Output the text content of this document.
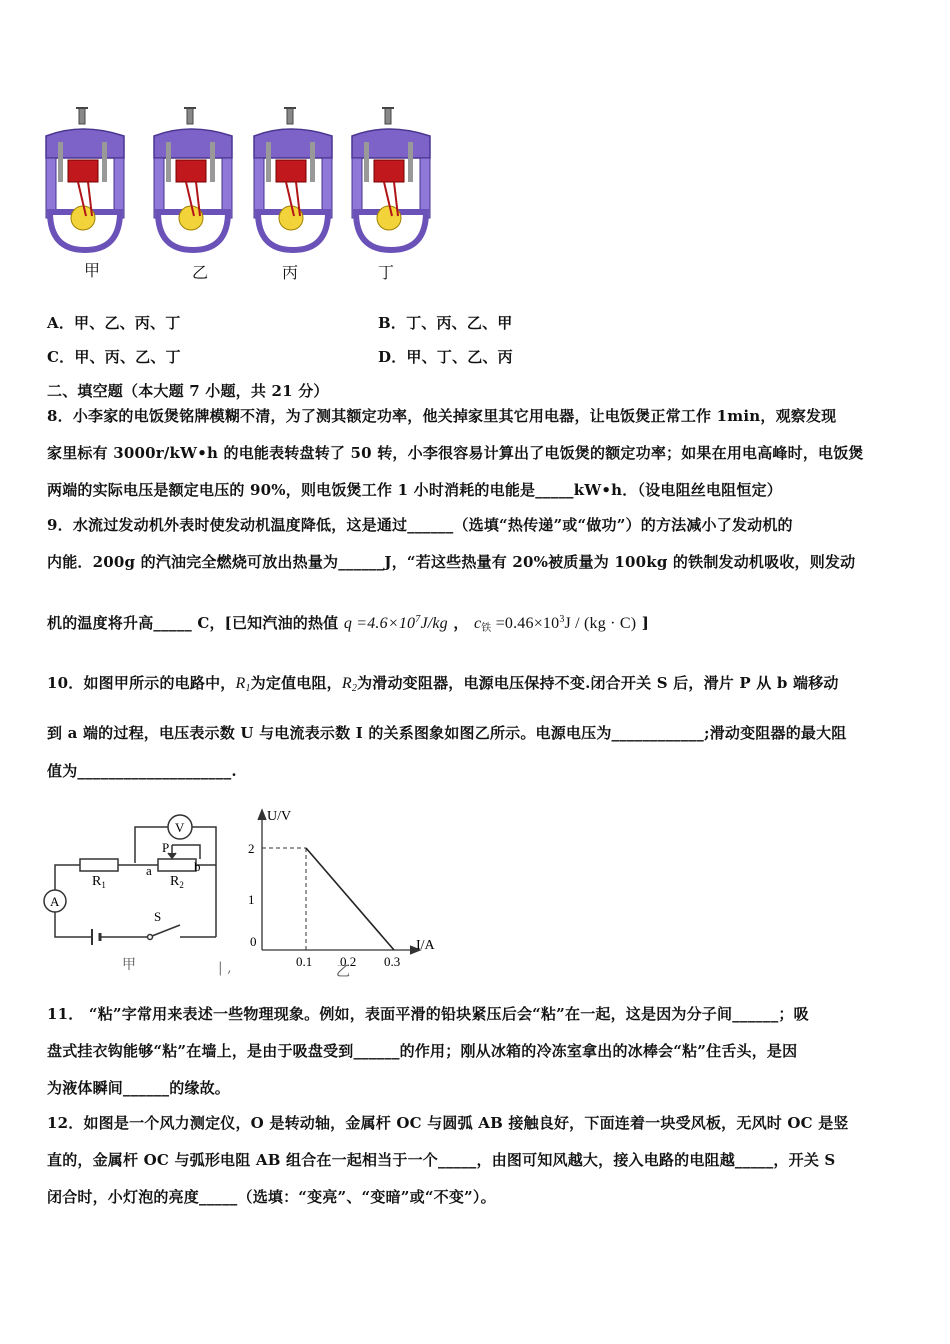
甲	乙	丙	丁
A．甲、乙、丙、丁	B．丁、丙、乙、甲
C．甲、丙、乙、丁	D．甲、丁、乙、丙
二、填空题（本大题 7 小题，共 21 分）
8．小李家的电饭煲铭牌模糊不清，为了测其额定功率，他关掉家里其它用电器，让电饭煲正常工作 1min，观察发现
家里标有 3000r/kW•h 的电能表转盘转了 50 转，小李很容易计算出了电饭煲的额定功率；如果在用电高峰时，电饭煲
两端的实际电压是额定电压的 90%，则电饭煲工作 1 小时消耗的电能是_____kW•h．（设电阻丝电阻恒定）
9．水流过发动机外表时使发动机温度降低，这是通过______（选填“热传递”或“做功”）的方法减小了发动机的
内能．200g 的汽油完全燃烧可放出热量为______J，“若这些热量有 20%被质量为 100kg 的铁制发动机吸收，则发动
机的温度将升高_____ C，[已知汽油的热值 $q =4.6\times 10^7J/kg$ ， $c_铁 =0.46\times 10^3J / (kg \cdot C)$ ]
10．如图甲所示的电路中，$R_1$为定值电阻，$R_2$为滑动变阻器，电源电压保持不变.闭合开关 S 后，滑片 P 从 b 端移动
到 a 端的过程，电压表示数 U 与电流表示数 I 的关系图象如图乙所示。电源电压为____________;滑动变阻器的最大阻
值为____________________.
V
A
$R_1$	$R_2$
P
a	b
S
甲	| ,	0.1 0.2 0.3
1
2
U/V
I/A
0
乙
11． “粘”字常用来表述一些物理现象。例如，表面平滑的铅块紧压后会“粘”在一起，这是因为分子间______；吸
盘式挂衣钩能够“粘”在墙上，是由于吸盘受到______的作用；刚从冰箱的冷冻室拿出的冰棒会“粘”住舌头，是因
为液体瞬间______的缘故。
12．如图是一个风力测定仪，O 是转动轴，金属杆 OC 与圆弧 AB 接触良好，下面连着一块受风板，无风时 OC 是竖
直的，金属杆 OC 与弧形电阻 AB 组合在一起相当于一个_____，由图可知风越大，接入电路的电阻越_____，开关 S
闭合时，小灯泡的亮度_____（选填：“变亮”、“变暗”或“不变”）。
